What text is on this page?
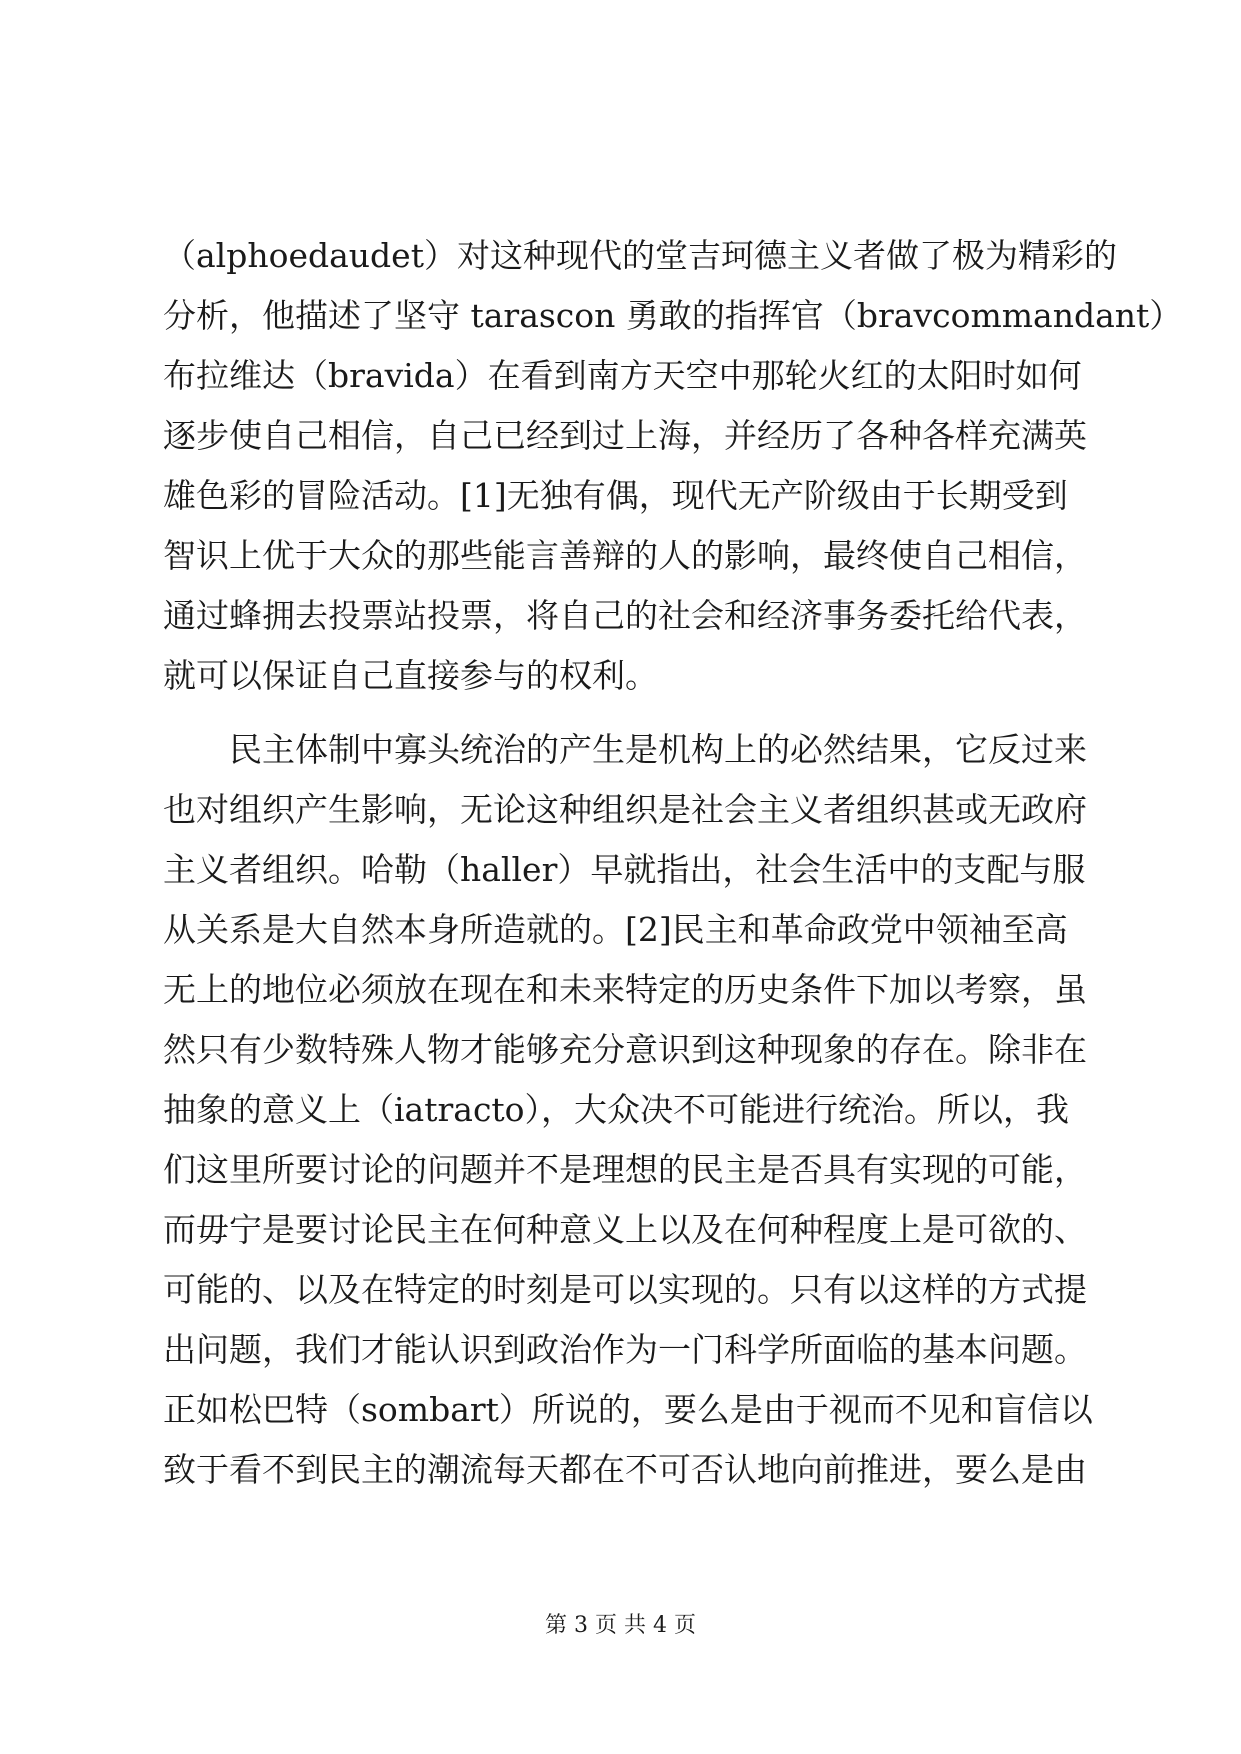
（alphoedaudet）对这种现代的堂吉珂德主义者做了极为精彩的
分析，他描述了坚守 tarascon 勇敢的指挥官（bravcommandant）
布拉维达（bravida）在看到南方天空中那轮火红的太阳时如何
逐步使自己相信，自己已经到过上海，并经历了各种各样充满英
雄色彩的冒险活动。[1]无独有偶，现代无产阶级由于长期受到
智识上优于大众的那些能言善辩的人的影响，最终使自己相信，
通过蜂拥去投票站投票，将自己的社会和经济事务委托给代表，
就可以保证自己直接参与的权利。
　　民主体制中寡头统治的产生是机构上的必然结果，它反过来
也对组织产生影响，无论这种组织是社会主义者组织甚或无政府
主义者组织。哈勒（haller）早就指出，社会生活中的支配与服
从关系是大自然本身所造就的。[2]民主和革命政党中领袖至高
无上的地位必须放在现在和未来特定的历史条件下加以考察，虽
然只有少数特殊人物才能够充分意识到这种现象的存在。除非在
抽象的意义上（iatracto），大众决不可能进行统治。所以，我
们这里所要讨论的问题并不是理想的民主是否具有实现的可能，
而毋宁是要讨论民主在何种意义上以及在何种程度上是可欲的、
可能的、以及在特定的时刻是可以实现的。只有以这样的方式提
出问题，我们才能认识到政治作为一门科学所面临的基本问题。
正如松巴特（sombart）所说的，要么是由于视而不见和盲信以
致于看不到民主的潮流每天都在不可否认地向前推进，要么是由
第 3 页 共 4 页
